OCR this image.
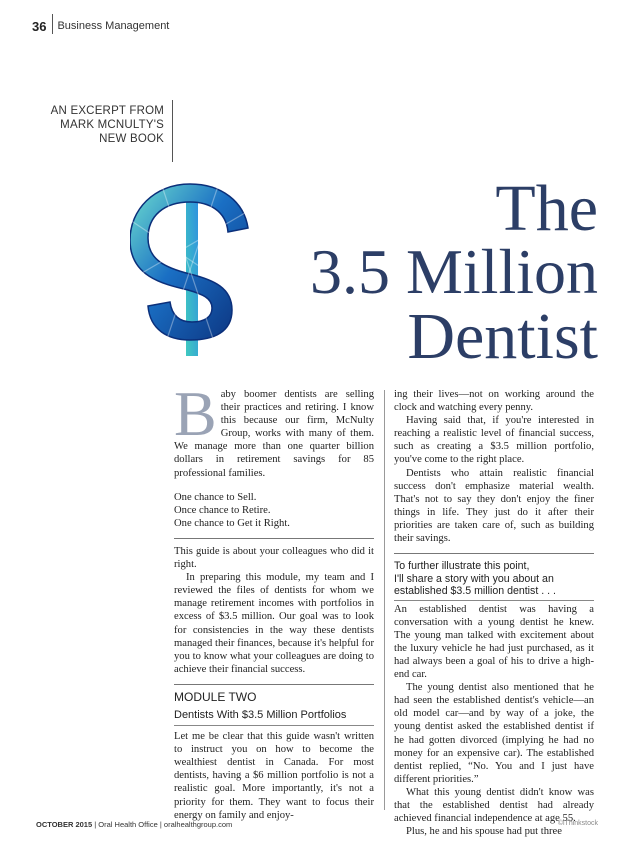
36	Business Management
AN EXCERPT FROM
MARK MCNULTY'S
NEW BOOK
The
3.5 Million
Dentist
B aby boomer dentists are selling their practices and retiring. I know this because our firm, McNulty Group, works with many of them. We manage more than one quarter billion dollars in retirement savings for 85 professional families.

One chance to Sell.

Once chance to Retire.

One chance to Get it Right.

This guide is about your colleagues who did it right.

In preparing this module, my team and I reviewed the files of dentists for whom we manage retirement incomes with portfolios in excess of $3.5 million. Our goal was to look for consistencies in the way these dentists managed their finances, because it's helpful for you to know what your colleagues are doing to achieve their financial success.

MODULE TWO
Dentists With $3.5 Million Portfolios

Let me be clear that this guide wasn't written to instruct you on how to become the wealthiest dentist in Canada. For most dentists, having a $6 million portfolio is not a realistic goal. More importantly, it's not a priority for them. They want to focus their energy on family and enjoy-

ing their lives—not on working around the clock and watching every penny.

Having said that, if you're interested in reaching a realistic level of financial success, such as creating a $3.5 million portfolio, you've come to the right place.

Dentists who attain realistic financial success don't emphasize material wealth. That's not to say they don't enjoy the finer things in life. They just do it after their priorities are taken care of, such as building their savings.

To further illustrate this point,
I'll share a story with you about an
established $3.5 million dentist . . .

An established dentist was having a conversation with a young dentist he knew. The young man talked with excitement about the luxury vehicle he had just purchased, as it had always been a goal of his to drive a high-end car.

The young dentist also mentioned that he had seen the established dentist's vehicle—an old model car—and by way of a joke, the young dentist asked the established dentist if he had gotten divorced (implying he had no money for an expensive car). The established dentist replied, “No. You and I just have different priorities.”

What this young dentist didn't know was that the established dentist had already achieved financial independence at age 55.

Plus, he and his spouse had put three

OCTOBER 2015 | Oral Health Office | oralhealthgroup.com	©iThinkstock
